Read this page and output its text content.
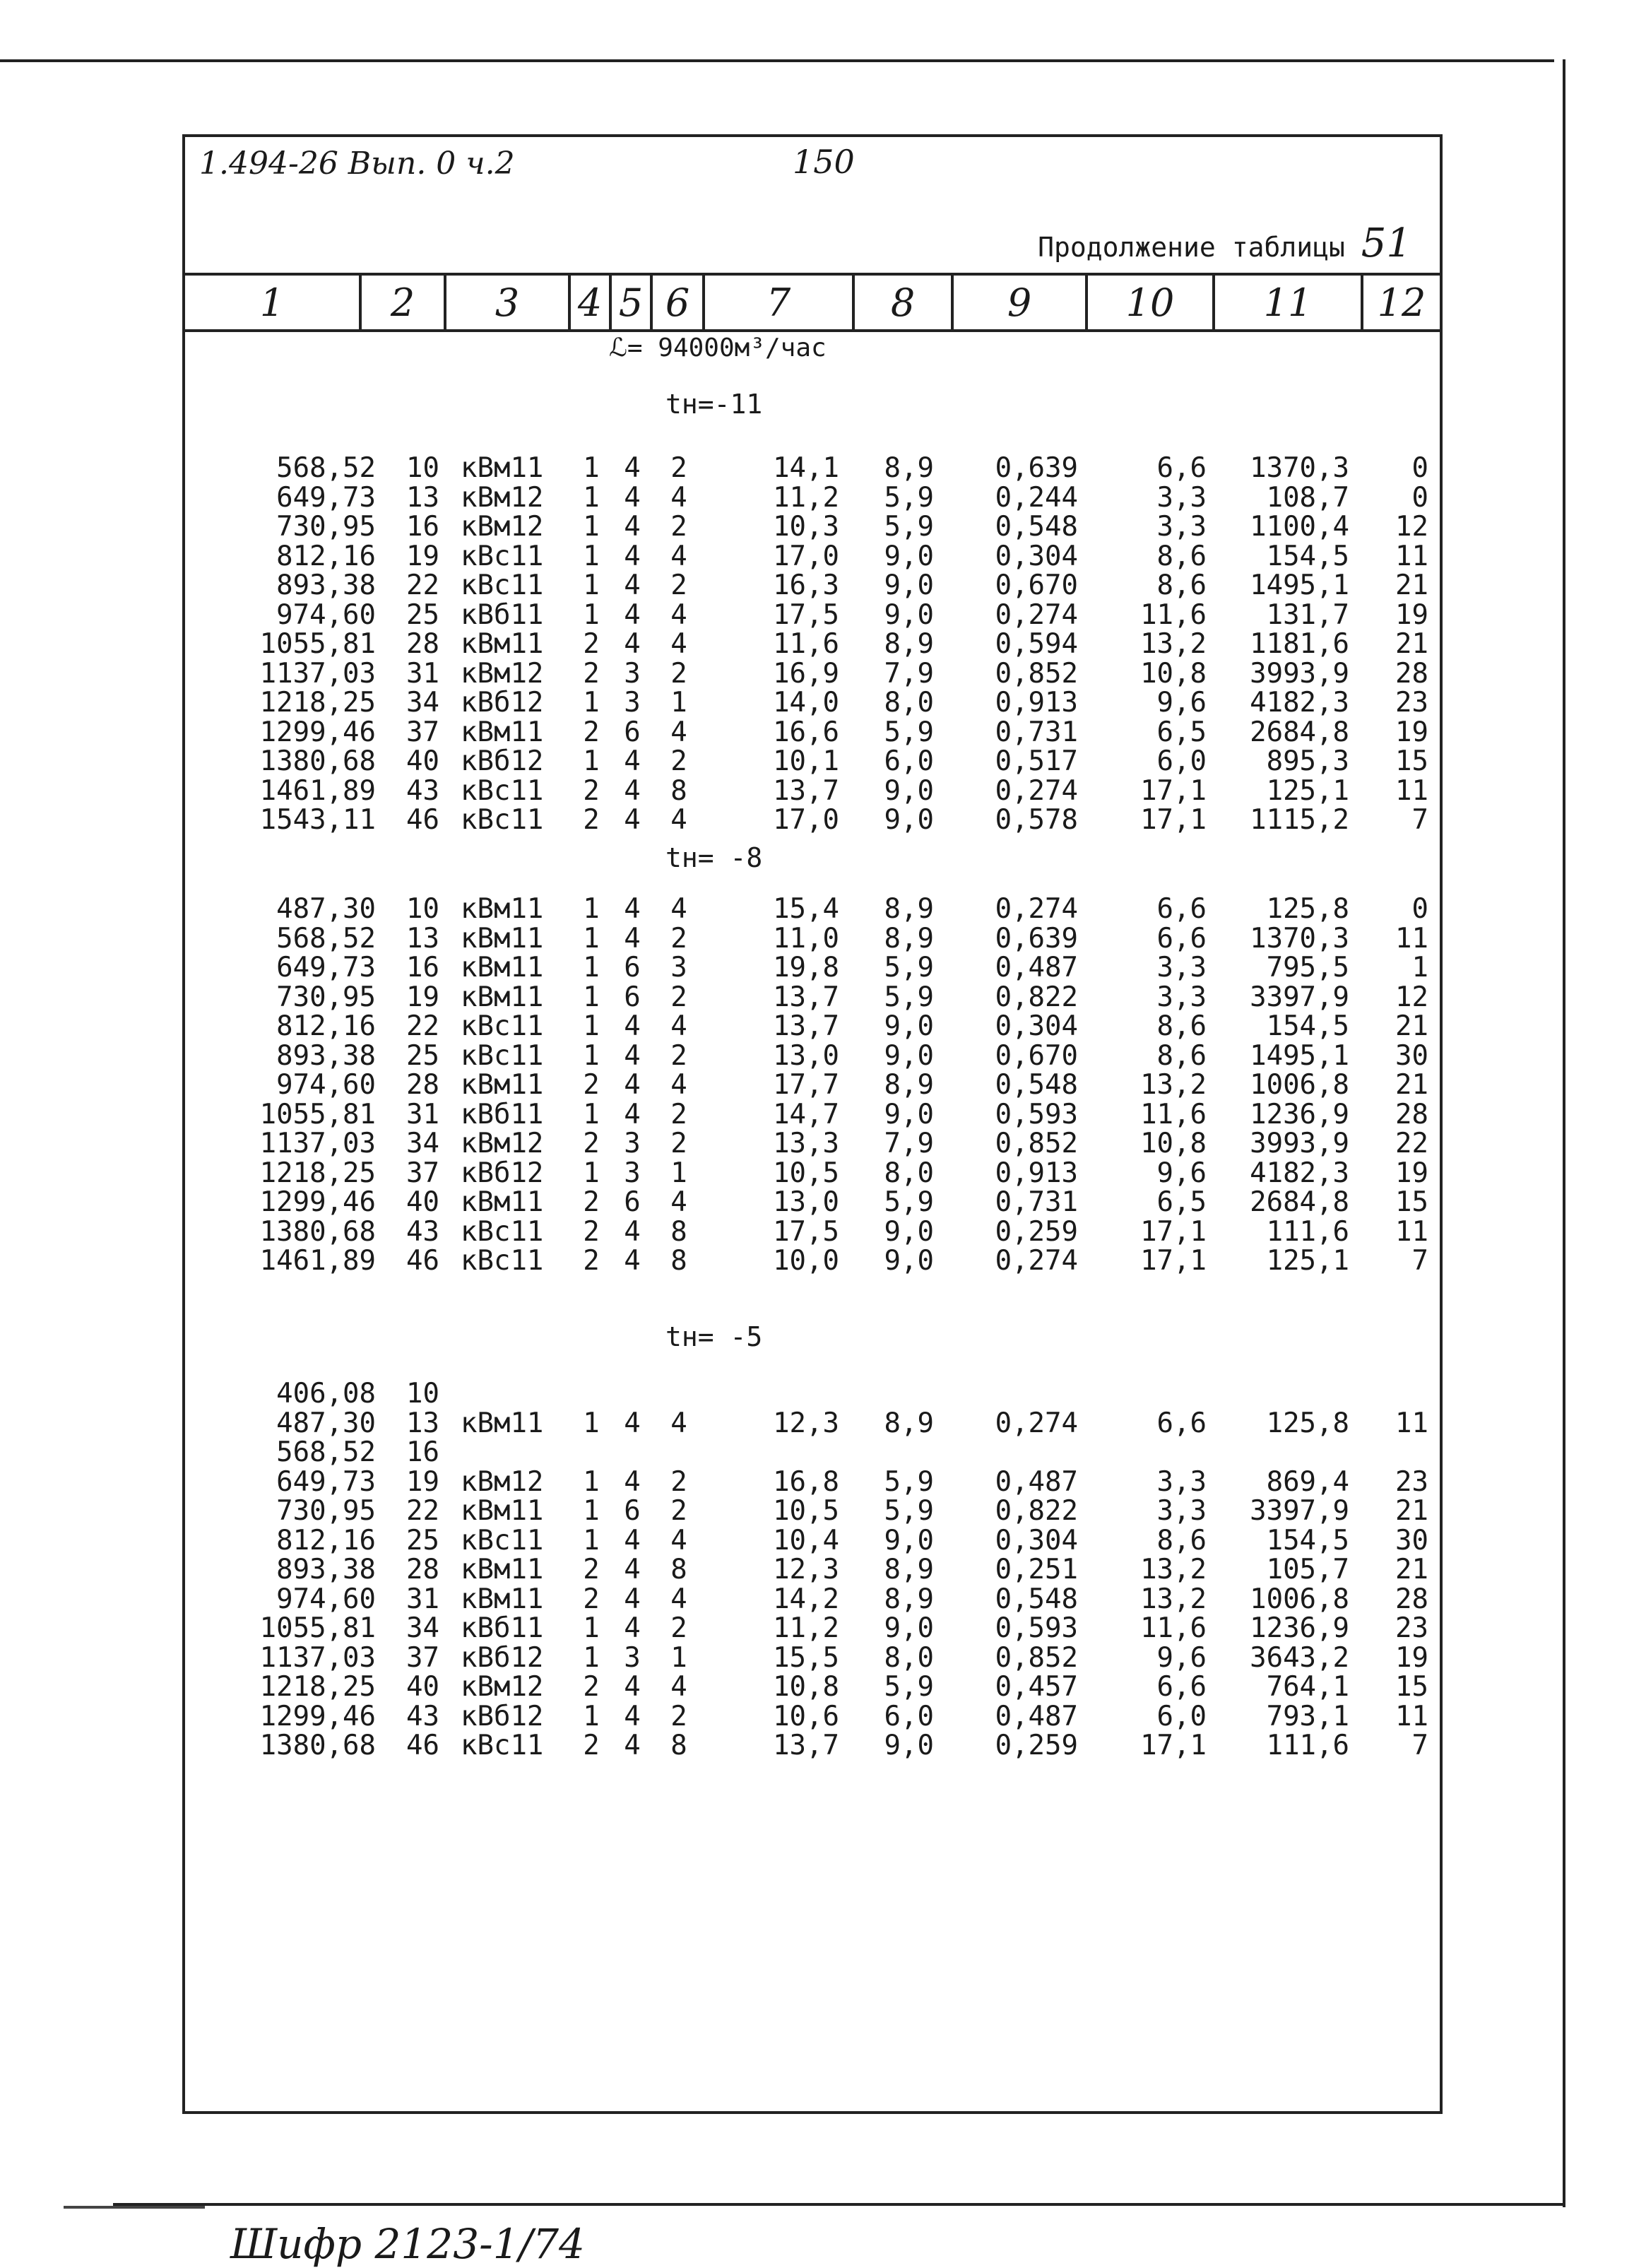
1.494-26 Вып. 0 ч.2	150
Продолжение таблицы 51
1	2	3	4 5 6	7	8	9	10	11	12
ℒ= 94000м³/час
tн=-11
tн= -8
tн= -5
568,52	10 кВм11	1 4	2	14,1	8,9	0,639	6,6	1370,3	0
649,73	13 кВм12	1 4	4	11,2	5,9	0,244	3,3	108,7	0
730,95	16 кВм12	1 4	2	10,3	5,9	0,548	3,3	1100,4	12
812,16	19 кВс11	1 4	4	17,0	9,0	0,304	8,6	154,5	11
893,38	22 кВс11	1 4	2	16,3	9,0	0,670	8,6	1495,1	21
974,60	25 кВб11	1 4	4	17,5	9,0	0,274	11,6	131,7	19
1055,81	28 кВм11	2 4	4	11,6	8,9	0,594	13,2	1181,6	21
1137,03	31 кВм12	2 3	2	16,9	7,9	0,852	10,8	3993,9	28
1218,25	34 кВб12	1 3	1	14,0	8,0	0,913	9,6	4182,3	23
1299,46	37 кВм11	2 6	4	16,6	5,9	0,731	6,5	2684,8	19
1380,68	40 кВб12	1 4	2	10,1	6,0	0,517	6,0	895,3	15
1461,89	43 кВс11	2 4	8	13,7	9,0	0,274	17,1	125,1	11
1543,11	46 кВс11	2 4	4	17,0	9,0	0,578	17,1	1115,2	7
487,30	10 кВм11	1 4	4	15,4	8,9	0,274	6,6	125,8	0
568,52	13 кВм11	1 4	2	11,0	8,9	0,639	6,6	1370,3	11
649,73	16 кВм11	1 6	3	19,8	5,9	0,487	3,3	795,5	1
730,95	19 кВм11	1 6	2	13,7	5,9	0,822	3,3	3397,9	12
812,16	22 кВс11	1 4	4	13,7	9,0	0,304	8,6	154,5	21
893,38	25 кВс11	1 4	2	13,0	9,0	0,670	8,6	1495,1	30
974,60	28 кВм11	2 4	4	17,7	8,9	0,548	13,2	1006,8	21
1055,81	31 кВб11	1 4	2	14,7	9,0	0,593	11,6	1236,9	28
1137,03	34 кВм12	2 3	2	13,3	7,9	0,852	10,8	3993,9	22
1218,25	37 кВб12	1 3	1	10,5	8,0	0,913	9,6	4182,3	19
1299,46	40 кВм11	2 6	4	13,0	5,9	0,731	6,5	2684,8	15
1380,68	43 кВс11	2 4	8	17,5	9,0	0,259	17,1	111,6	11
1461,89	46 кВс11	2 4	8	10,0	9,0	0,274	17,1	125,1	7
406,08	10
487,30	13 кВм11	1 4	4	12,3	8,9	0,274	6,6	125,8	11
568,52	16
649,73	19 кВм12	1 4	2	16,8	5,9	0,487	3,3	869,4	23
730,95	22 кВм11	1 6	2	10,5	5,9	0,822	3,3	3397,9	21
812,16	25 кВс11	1 4	4	10,4	9,0	0,304	8,6	154,5	30
893,38	28 кВм11	2 4	8	12,3	8,9	0,251	13,2	105,7	21
974,60	31 кВм11	2 4	4	14,2	8,9	0,548	13,2	1006,8	28
1055,81	34 кВб11	1 4	2	11,2	9,0	0,593	11,6	1236,9	23
1137,03	37 кВб12	1 3	1	15,5	8,0	0,852	9,6	3643,2	19
1218,25	40 кВм12	2 4	4	10,8	5,9	0,457	6,6	764,1	15
1299,46	43 кВб12	1 4	2	10,6	6,0	0,487	6,0	793,1	11
1380,68	46 кВс11	2 4	8	13,7	9,0	0,259	17,1	111,6	7
Шифр 2123-1/74
